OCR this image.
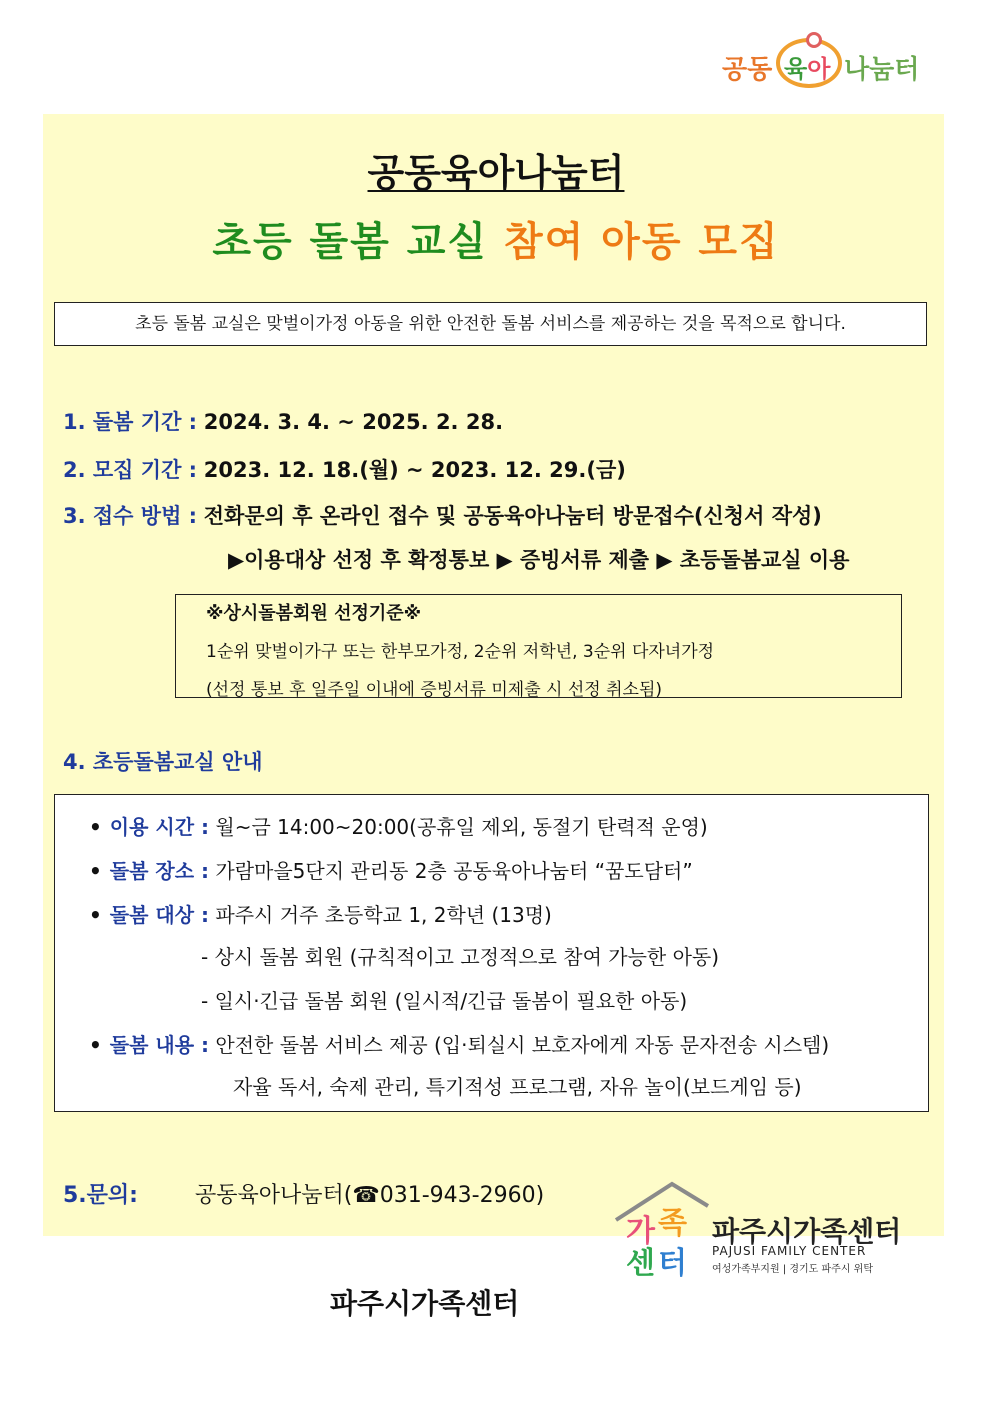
공동 육아 나눔터
공동육아나눔터
초등 돌봄 교실 참여 아동 모집
초등 돌봄 교실은 맞벌이가정 아동을 위한 안전한 돌봄 서비스를 제공하는 것을 목적으로 합니다.
1. 돌봄 기간 : 2024. 3. 4. ~ 2025. 2. 28.
2. 모집 기간 : 2023. 12. 18.(월) ~ 2023. 12. 29.(금)
3. 접수 방법 : 전화문의 후 온라인 접수 및 공동육아나눔터 방문접수(신청서 작성)
▶이용대상 선정 후 확정통보 ▶ 증빙서류 제출 ▶ 초등돌봄교실 이용
※상시돌봄회원 선정기준※
1순위 맞벌이가구 또는 한부모가정, 2순위 저학년, 3순위 다자녀가정
(선정 통보 후 일주일 이내에 증빙서류 미제출 시 선정 취소됨)
4. 초등돌봄교실 안내
• 이용 시간 : 월~금 14:00~20:00(공휴일 제외, 동절기 탄력적 운영)
• 돌봄 장소 : 가람마을5단지 관리동 2층 공동육아나눔터 “꿈도담터”
• 돌봄 대상 : 파주시 거주 초등학교 1, 2학년 (13명)
- 상시 돌봄 회원 (규칙적이고 고정적으로 참여 가능한 아동)
- 일시·긴급 돌봄 회원 (일시적/긴급 돌봄이 필요한 아동)
• 돌봄 내용 : 안전한 돌봄 서비스 제공 (입·퇴실시 보호자에게 자동 문자전송 시스템)
자율 독서, 숙제 관리, 특기적성 프로그램, 자유 놀이(보드게임 등)
5.문의:	공동육아나눔터(☎031-943-2960)
가 족
센 터
파주시가족센터
PAJUSI FAMILY CENTER
여성가족부지원 | 경기도 파주시 위탁
파주시가족센터
